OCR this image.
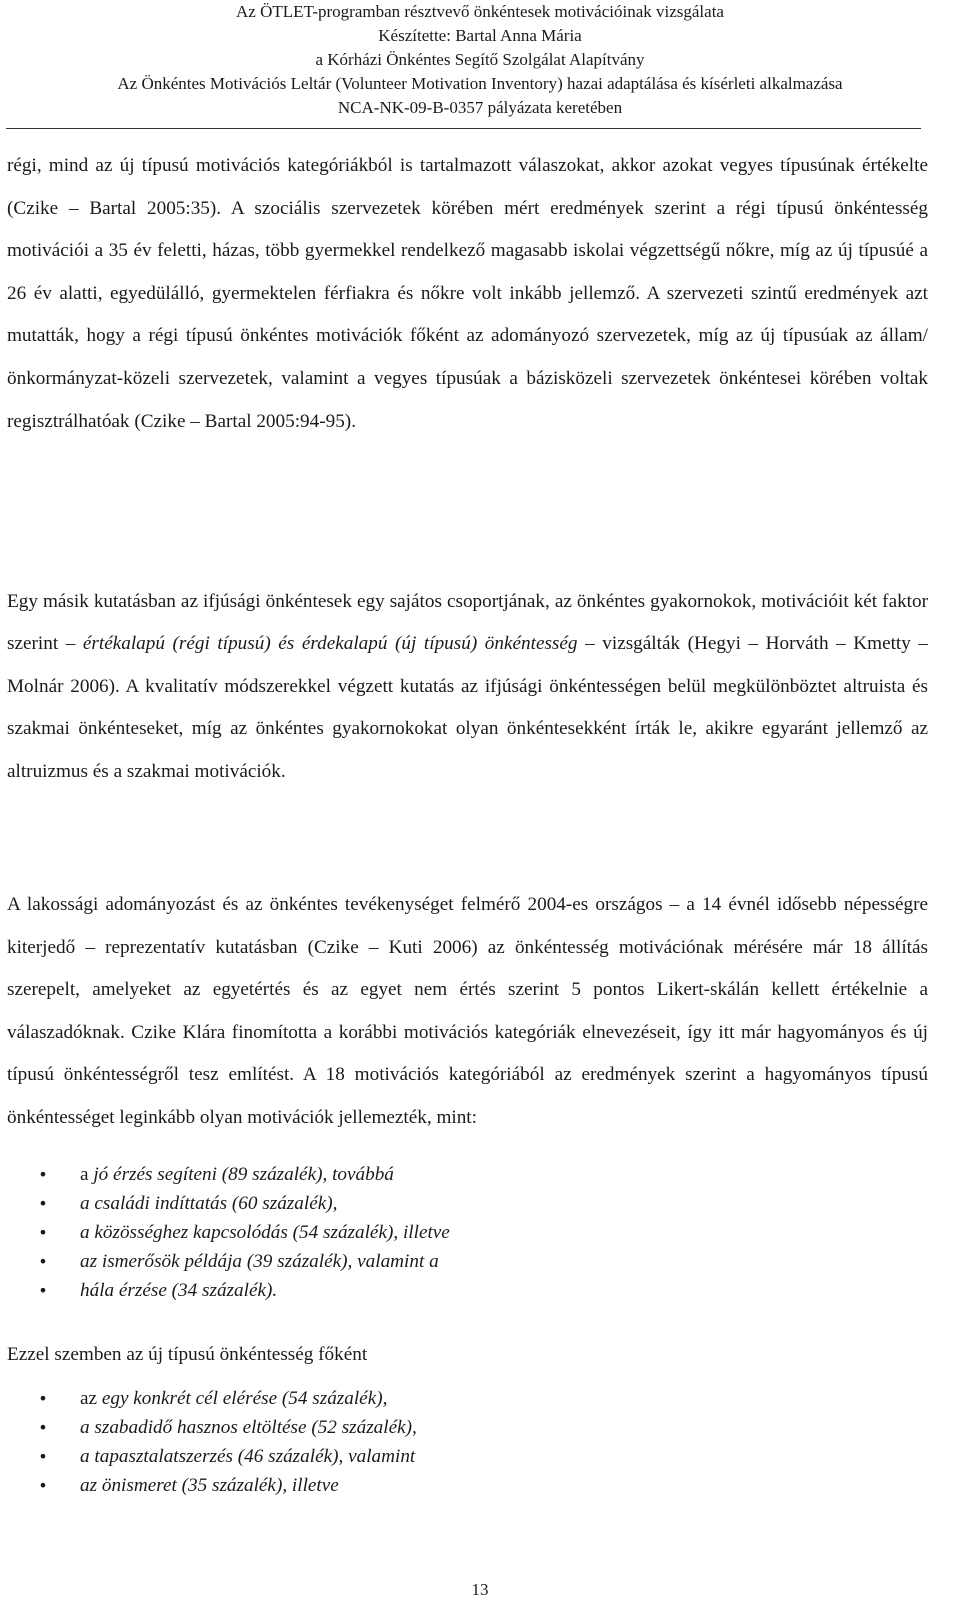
Az ÖTLET-programban résztvevő önkéntesek motivációinak vizsgálata
Készítette: Bartal Anna Mária
a Kórházi Önkéntes Segítő Szolgálat Alapítvány
Az Önkéntes Motivációs Leltár (Volunteer Motivation Inventory) hazai adaptálása és kísérleti alkalmazása
NCA-NK-09-B-0357 pályázata keretében

régi, mind az új típusú motivációs kategóriákból is tartalmazott válaszokat, akkor azokat vegyes típusúnak értékelte (Czike – Bartal 2005:35). A szociális szervezetek körében mért eredmények szerint a régi típusú önkéntesség motivációi a 35 év feletti, házas, több gyermekkel rendelkező magasabb iskolai végzettségű nőkre, míg az új típusúé a 26 év alatti, egyedülálló, gyermektelen férfiakra és nőkre volt inkább jellemző. A szervezeti szintű eredmények azt mutatták, hogy a régi típusú önkéntes motivációk főként az adományozó szervezetek, míg az új típusúak az állam/önkormányzat-közeli szervezetek, valamint a vegyes típusúak a bázisközeli szervezetek önkéntesei körében voltak regisztrálhatóak (Czike – Bartal 2005:94-95).

Egy másik kutatásban az ifjúsági önkéntesek egy sajátos csoportjának, az önkéntes gyakornokok, motivációit két faktor szerint – értékalapú (régi típusú) és érdekalapú (új típusú) önkéntesség – vizsgálták (Hegyi – Horváth – Kmetty – Molnár 2006). A kvalitatív módszerekkel végzett kutatás az ifjúsági önkéntességen belül megkülönböztet altruista és szakmai önkénteseket, míg az önkéntes gyakornokokat olyan önkéntesekként írták le, akikre egyaránt jellemző az altruizmus és a szakmai motivációk.

A lakossági adományozást és az önkéntes tevékenységet felmérő 2004-es országos – a 14 évnél idősebb népességre kiterjedő – reprezentatív kutatásban (Czike – Kuti 2006) az önkéntesség motivációnak mérésére már 18 állítás szerepelt, amelyeket az egyetértés és az egyet nem értés szerint 5 pontos Likert-skálán kellett értékelnie a válaszadóknak. Czike Klára finomította a korábbi motivációs kategóriák elnevezéseit, így itt már hagyományos és új típusú önkéntességről tesz említést. A 18 motivációs kategóriából az eredmények szerint a hagyományos típusú önkéntességet leginkább olyan motivációk jellemezték, mint:

• a jó érzés segíteni (89 százalék), továbbá
• a családi indíttatás (60 százalék),
• a közösséghez kapcsolódás (54 százalék), illetve
• az ismerősök példája (39 százalék), valamint a
• hála érzése (34 százalék).
Ezzel szemben az új típusú önkéntesség főként
• az egy konkrét cél elérése (54 százalék),
• a szabadidő hasznos eltöltése (52 százalék),
• a tapasztalatszerzés (46 százalék), valamint
• az önismeret (35 százalék), illetve
13
